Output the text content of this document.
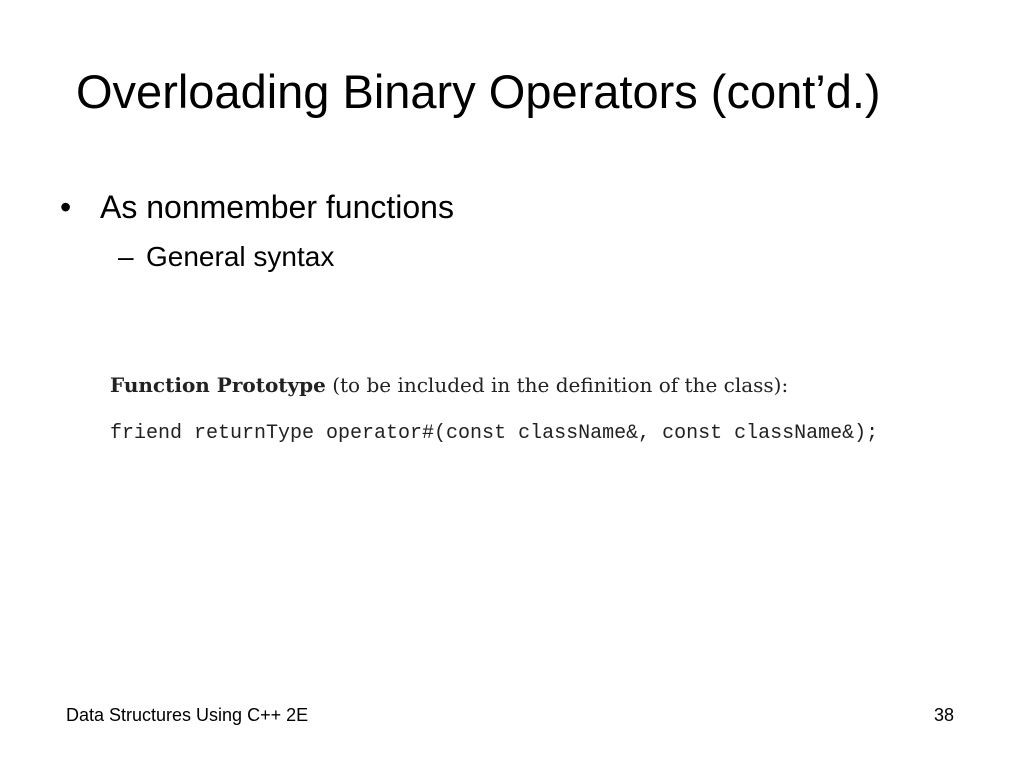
Overloading Binary Operators (cont’d.)
• As nonmember functions
– General syntax
Function Prototype (to be included in the definition of the class):
friend returnType operator#(const className&, const className&);
Data Structures Using C++ 2E	38
